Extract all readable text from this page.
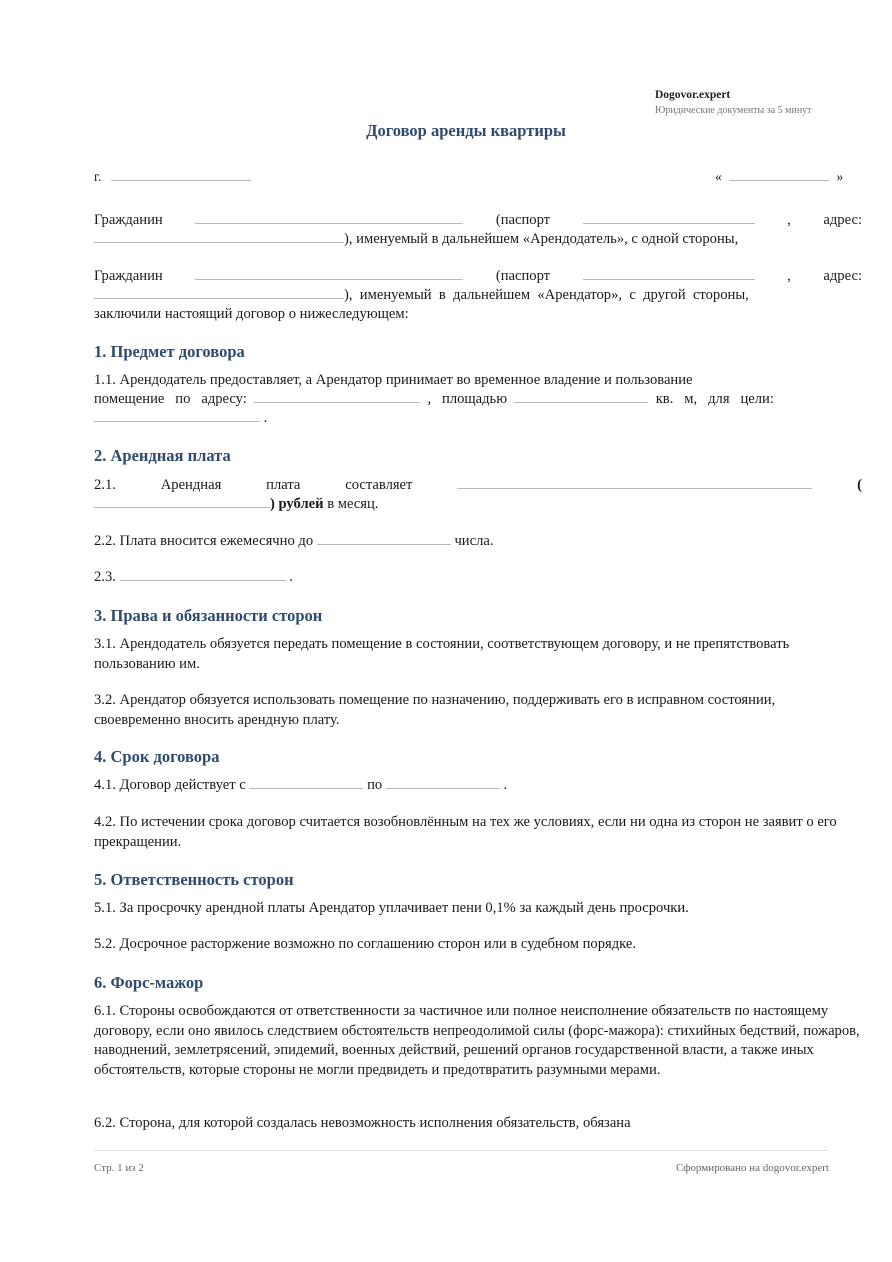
Dogovor.expert
Юридические документы за 5 минут
Договор аренды квартиры
г.	«	»
Гражданин	(паспорт	, адрес:
), именуемый в дальнейшем «Арендодатель», с одной стороны,
Гражданин	(паспорт	, адрес:
),  именуемый  в  дальнейшем  «Арендатор»,  с  другой  стороны,
заключили настоящий договор о нижеследующем:
1. Предмет договора
1.1. Арендодатель предоставляет, а Арендатор принимает во временное владение и пользование
помещение   по   адресу:	,   площадью	кв.   м,   для   цели:
.
2. Арендная плата
2.1.	Арендная	плата	составляет	(
) рублей в месяц.
2.2. Плата вносится ежемесячно до	числа.
2.3.	.
3. Права и обязанности сторон
3.1. Арендодатель обязуется передать помещение в состоянии, соответствующем договору, и не препятствовать пользованию им.
3.2. Арендатор обязуется использовать помещение по назначению, поддерживать его в исправном состоянии, своевременно вносить арендную плату.
4. Срок договора
4.1. Договор действует с	по	.
4.2. По истечении срока договор считается возобновлённым на тех же условиях, если ни одна из сторон не заявит о его прекращении.
5. Ответственность сторон
5.1. За просрочку арендной платы Арендатор уплачивает пени 0,1% за каждый день просрочки.
5.2. Досрочное расторжение возможно по соглашению сторон или в судебном порядке.
6. Форс-мажор
6.1. Стороны освобождаются от ответственности за частичное или полное неисполнение обязательств по настоящему договору, если оно явилось следствием обстоятельств непреодолимой силы (форс-мажора): стихийных бедствий, пожаров, наводнений, землетрясений, эпидемий, военных действий, решений органов государственной власти, а также иных обстоятельств, которые стороны не могли предвидеть и предотвратить разумными мерами.
6.2. Сторона, для которой создалась невозможность исполнения обязательств, обязана
Стр. 1 из 2	Сформировано на dogovor.expert
